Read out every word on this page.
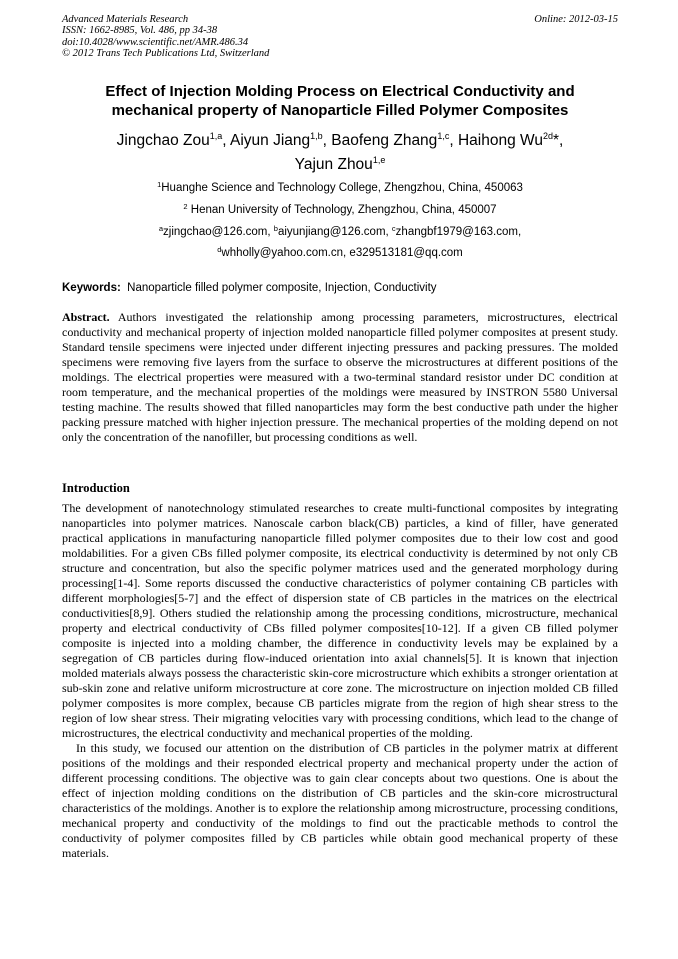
Advanced Materials Research
ISSN: 1662-8985, Vol. 486, pp 34-38
doi:10.4028/www.scientific.net/AMR.486.34
© 2012 Trans Tech Publications Ltd, Switzerland
Online: 2012-03-15
Effect of Injection Molding Process on Electrical Conductivity and
mechanical property of Nanoparticle Filled Polymer Composites
Jingchao Zou$^{1,a}$, Aiyun Jiang$^{1,b}$, Baofeng Zhang$^{1,c}$, Haihong $Wu^{2d}*$,
Yajun Zhou$^{1,e}$
$^1$Huanghe Science and Technology College, Zhengzhou, China, 450063
$^2$ Henan University of Technology, Zhengzhou, China, 450007
$^a$zjingchao@126.com, $^b$aiyunjiang@126.com, $^c$zhangbf1979@163.com,
$^d$whholly@yahoo.com.cn, e329513181@qq.com
Keywords:  Nanoparticle filled polymer composite, Injection, Conductivity
Abstract. Authors investigated the relationship among processing parameters, microstructures, electrical conductivity and mechanical property of injection molded nanoparticle filled polymer composites at present study. Standard tensile specimens were injected under different injecting pressures and packing pressures. The molded specimens were removing five layers from the surface to observe the microstructures at different positions of the moldings. The electrical properties were measured with a two-terminal standard resistor under DC condition at room temperature, and the mechanical properties of the moldings were measured by INSTRON 5580 Universal testing machine. The results showed that filled nanoparticles may form the best conductive path under the higher packing pressure matched with higher injection pressure. The mechanical properties of the molding depend on not only the concentration of the nanofiller, but processing conditions as well.
Introduction

The development of nanotechnology stimulated researches to create multi-functional composites by integrating nanoparticles into polymer matrices. Nanoscale carbon black(CB) particles, a kind of filler, have generated practical applications in manufacturing nanoparticle filled polymer composites due to their low cost and good moldabilities. For a given CBs filled polymer composite, its electrical conductivity is determined by not only CB structure and concentration, but also the specific polymer matrices used and the generated morphology during processing[1-4]. Some reports discussed the conductive characteristics of polymer containing CB particles with different morphologies[5-7] and the effect of dispersion state of CB particles in the matrices on the electrical conductivities[8,9]. Others studied the relationship among the processing conditions, microstructure, mechanical property and electrical conductivity of CBs filled polymer composites[10-12]. If a given CB filled polymer composite is injected into a molding chamber, the difference in conductivity levels may be explained by a segregation of CB particles during flow-induced orientation into axial channels[5]. It is known that injection molded materials always possess the characteristic skin-core microstructure which exhibits a stronger orientation at sub-skin zone and relative uniform microstructure at core zone. The microstructure on injection molded CB filled polymer composites is more complex, because CB particles migrate from the region of high shear stress to the region of low shear stress. Their migrating velocities vary with processing conditions, which lead to the change of microstructures, the electrical conductivity and mechanical properties of the molding.

In this study, we focused our attention on the distribution of CB particles in the polymer matrix at different positions of the moldings and their responded electrical property and mechanical property under the action of different processing conditions. The objective was to gain clear concepts about two questions. One is about the effect of injection molding conditions on the distribution of CB particles and the skin-core microstructural characteristics of the moldings. Another is to explore the relationship among microstructure, processing conditions, mechanical property and conductivity of the moldings to find out the practicable methods to control the conductivity of polymer composites filled by CB particles while obtain good mechanical property of these materials.
